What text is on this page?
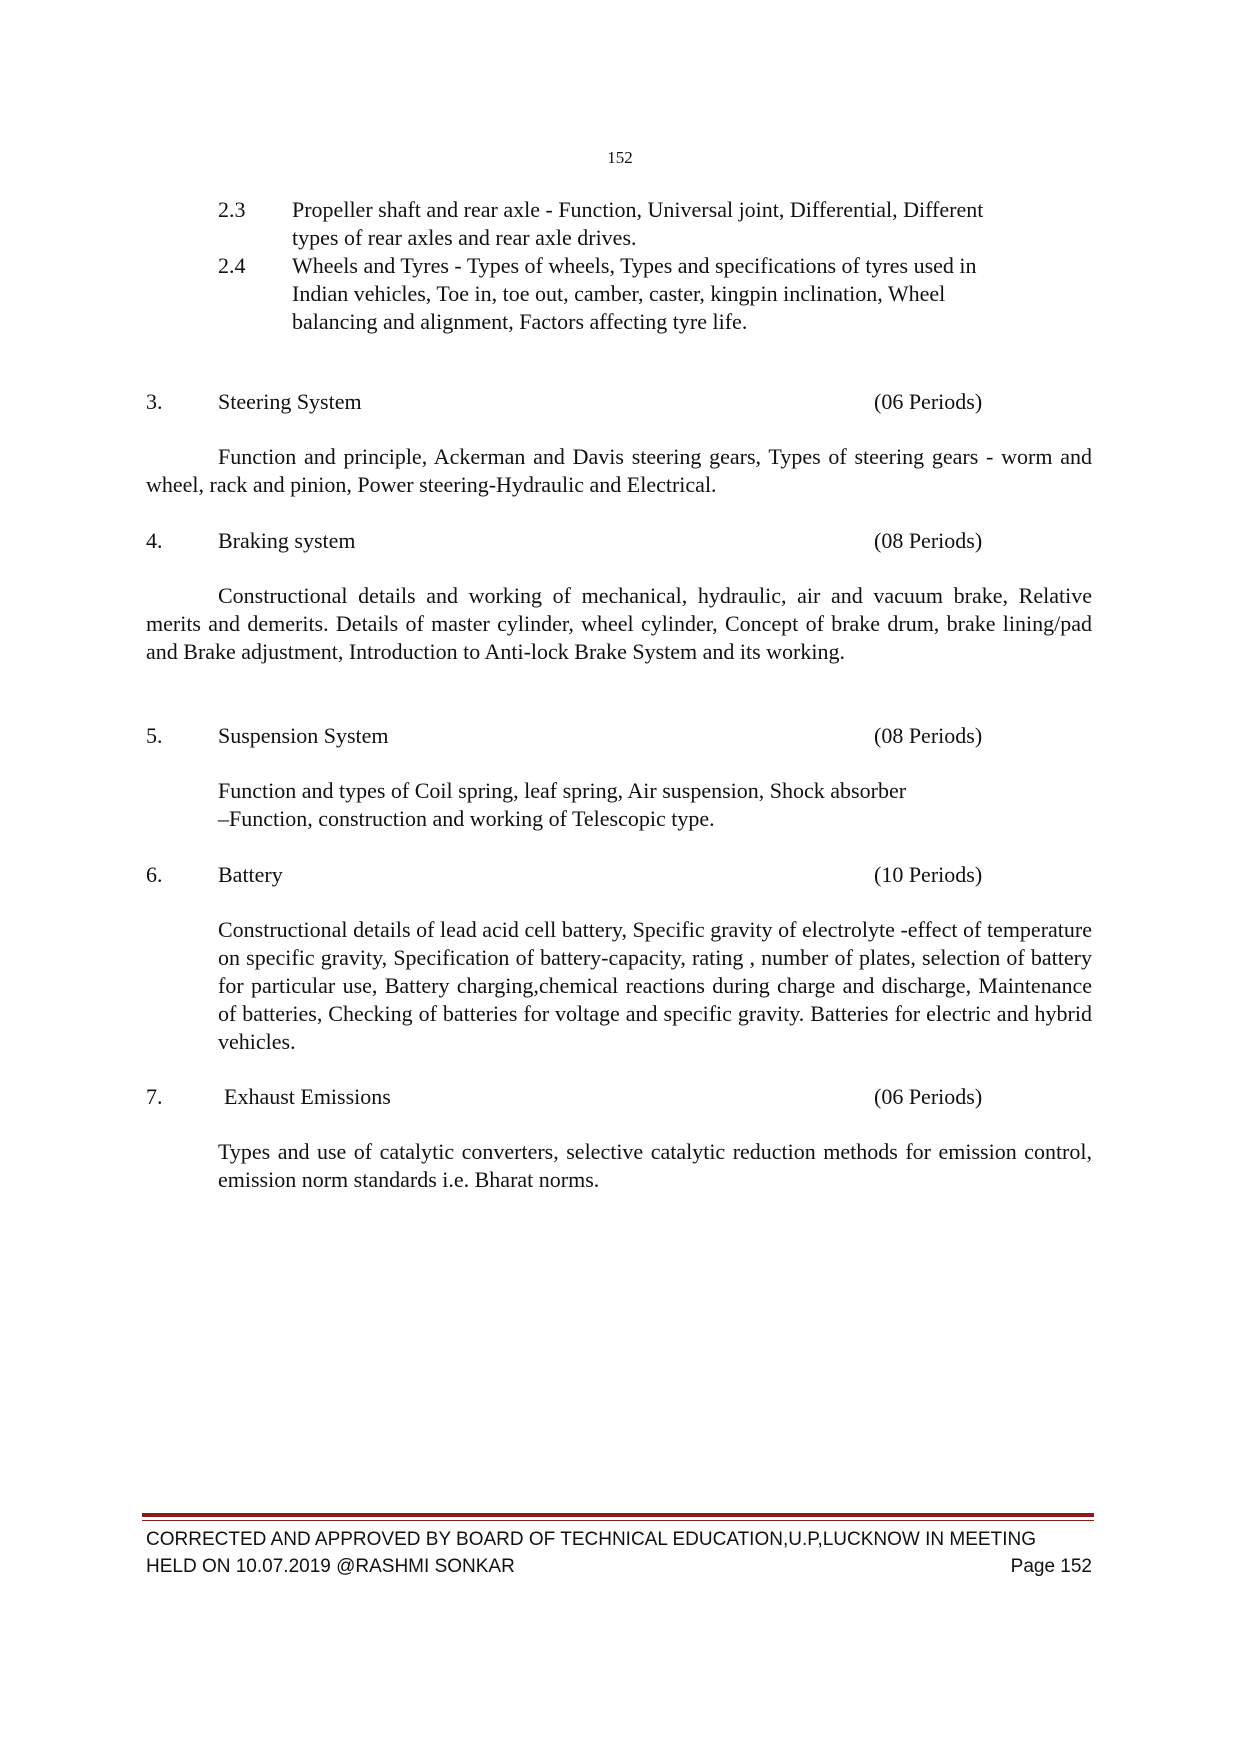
152
2.3 Propeller shaft and rear axle - Function, Universal joint, Differential, Different types of rear axles and rear axle drives.
2.4 Wheels and Tyres - Types of wheels, Types and specifications of tyres used in Indian vehicles, Toe in, toe out, camber, caster, kingpin inclination, Wheel balancing and alignment, Factors affecting tyre life.
3.	Steering System	(06 Periods)
Function and principle, Ackerman and Davis steering gears, Types of steering gears - worm and wheel, rack and pinion, Power steering-Hydraulic and Electrical.
4.	Braking system	(08 Periods)
Constructional details and working of mechanical, hydraulic, air and vacuum brake, Relative merits and demerits. Details of master cylinder, wheel cylinder, Concept of brake drum, brake lining/pad and Brake adjustment, Introduction to Anti-lock Brake System and its working.
5.	Suspension System	(08 Periods)
Function and types of Coil spring, leaf spring, Air suspension, Shock absorber –Function, construction and working of Telescopic type.
6.	Battery	(10 Periods)
Constructional details of lead acid cell battery, Specific gravity of electrolyte -effect of temperature on specific gravity, Specification of battery-capacity, rating , number of plates, selection of battery for particular use, Battery charging,chemical reactions during charge and discharge, Maintenance of batteries, Checking of batteries for voltage and specific gravity. Batteries for electric and hybrid vehicles.
7.	Exhaust Emissions	(06 Periods)
Types and use of catalytic converters, selective catalytic reduction methods for emission control, emission norm standards i.e. Bharat norms.
CORRECTED AND APPROVED BY BOARD OF TECHNICAL EDUCATION,U.P,LUCKNOW IN MEETING
HELD ON 10.07.2019 @RASHMI SONKAR	Page 152
